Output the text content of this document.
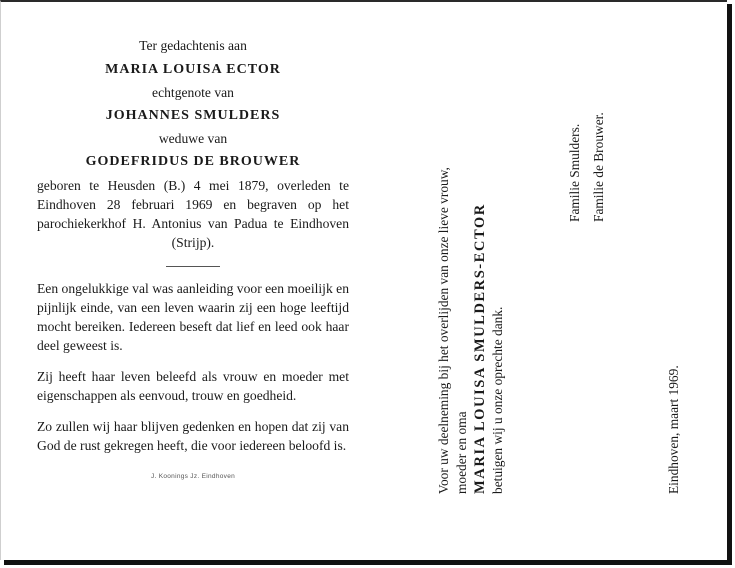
Ter gedachtenis aan
MARIA LOUISA ECTOR
echtgenote van
JOHANNES SMULDERS
weduwe van
GODEFRIDUS DE BROUWER
geboren te Heusden (B.) 4 mei 1879, overleden te Eindhoven 28 februari 1969 en begraven op het parochiekerkhof H. Antonius van Padua te Eindhoven (Strijp).
Een ongelukkige val was aanleiding voor een moeilijk en pijnlijk einde, van een leven waarin zij een hoge leeftijd mocht bereiken. Iedereen beseft dat lief en leed ook haar deel geweest is.
Zij heeft haar leven beleefd als vrouw en moeder met eigenschappen als eenvoud, trouw en goedheid.
Zo zullen wij haar blijven gedenken en hopen dat zij van God de rust gekregen heeft, die voor iedereen beloofd is.
J. Koonings Jz. Eindhoven	Voor uw deelneming bij het overlijden van onze lieve vrouw, moeder en oma MARIA LOUISA SMULDERS-ECTOR betuigen wij u onze oprechte dank.
Familie Smulders. Familie de Brouwer.
Eindhoven, maart 1969.
